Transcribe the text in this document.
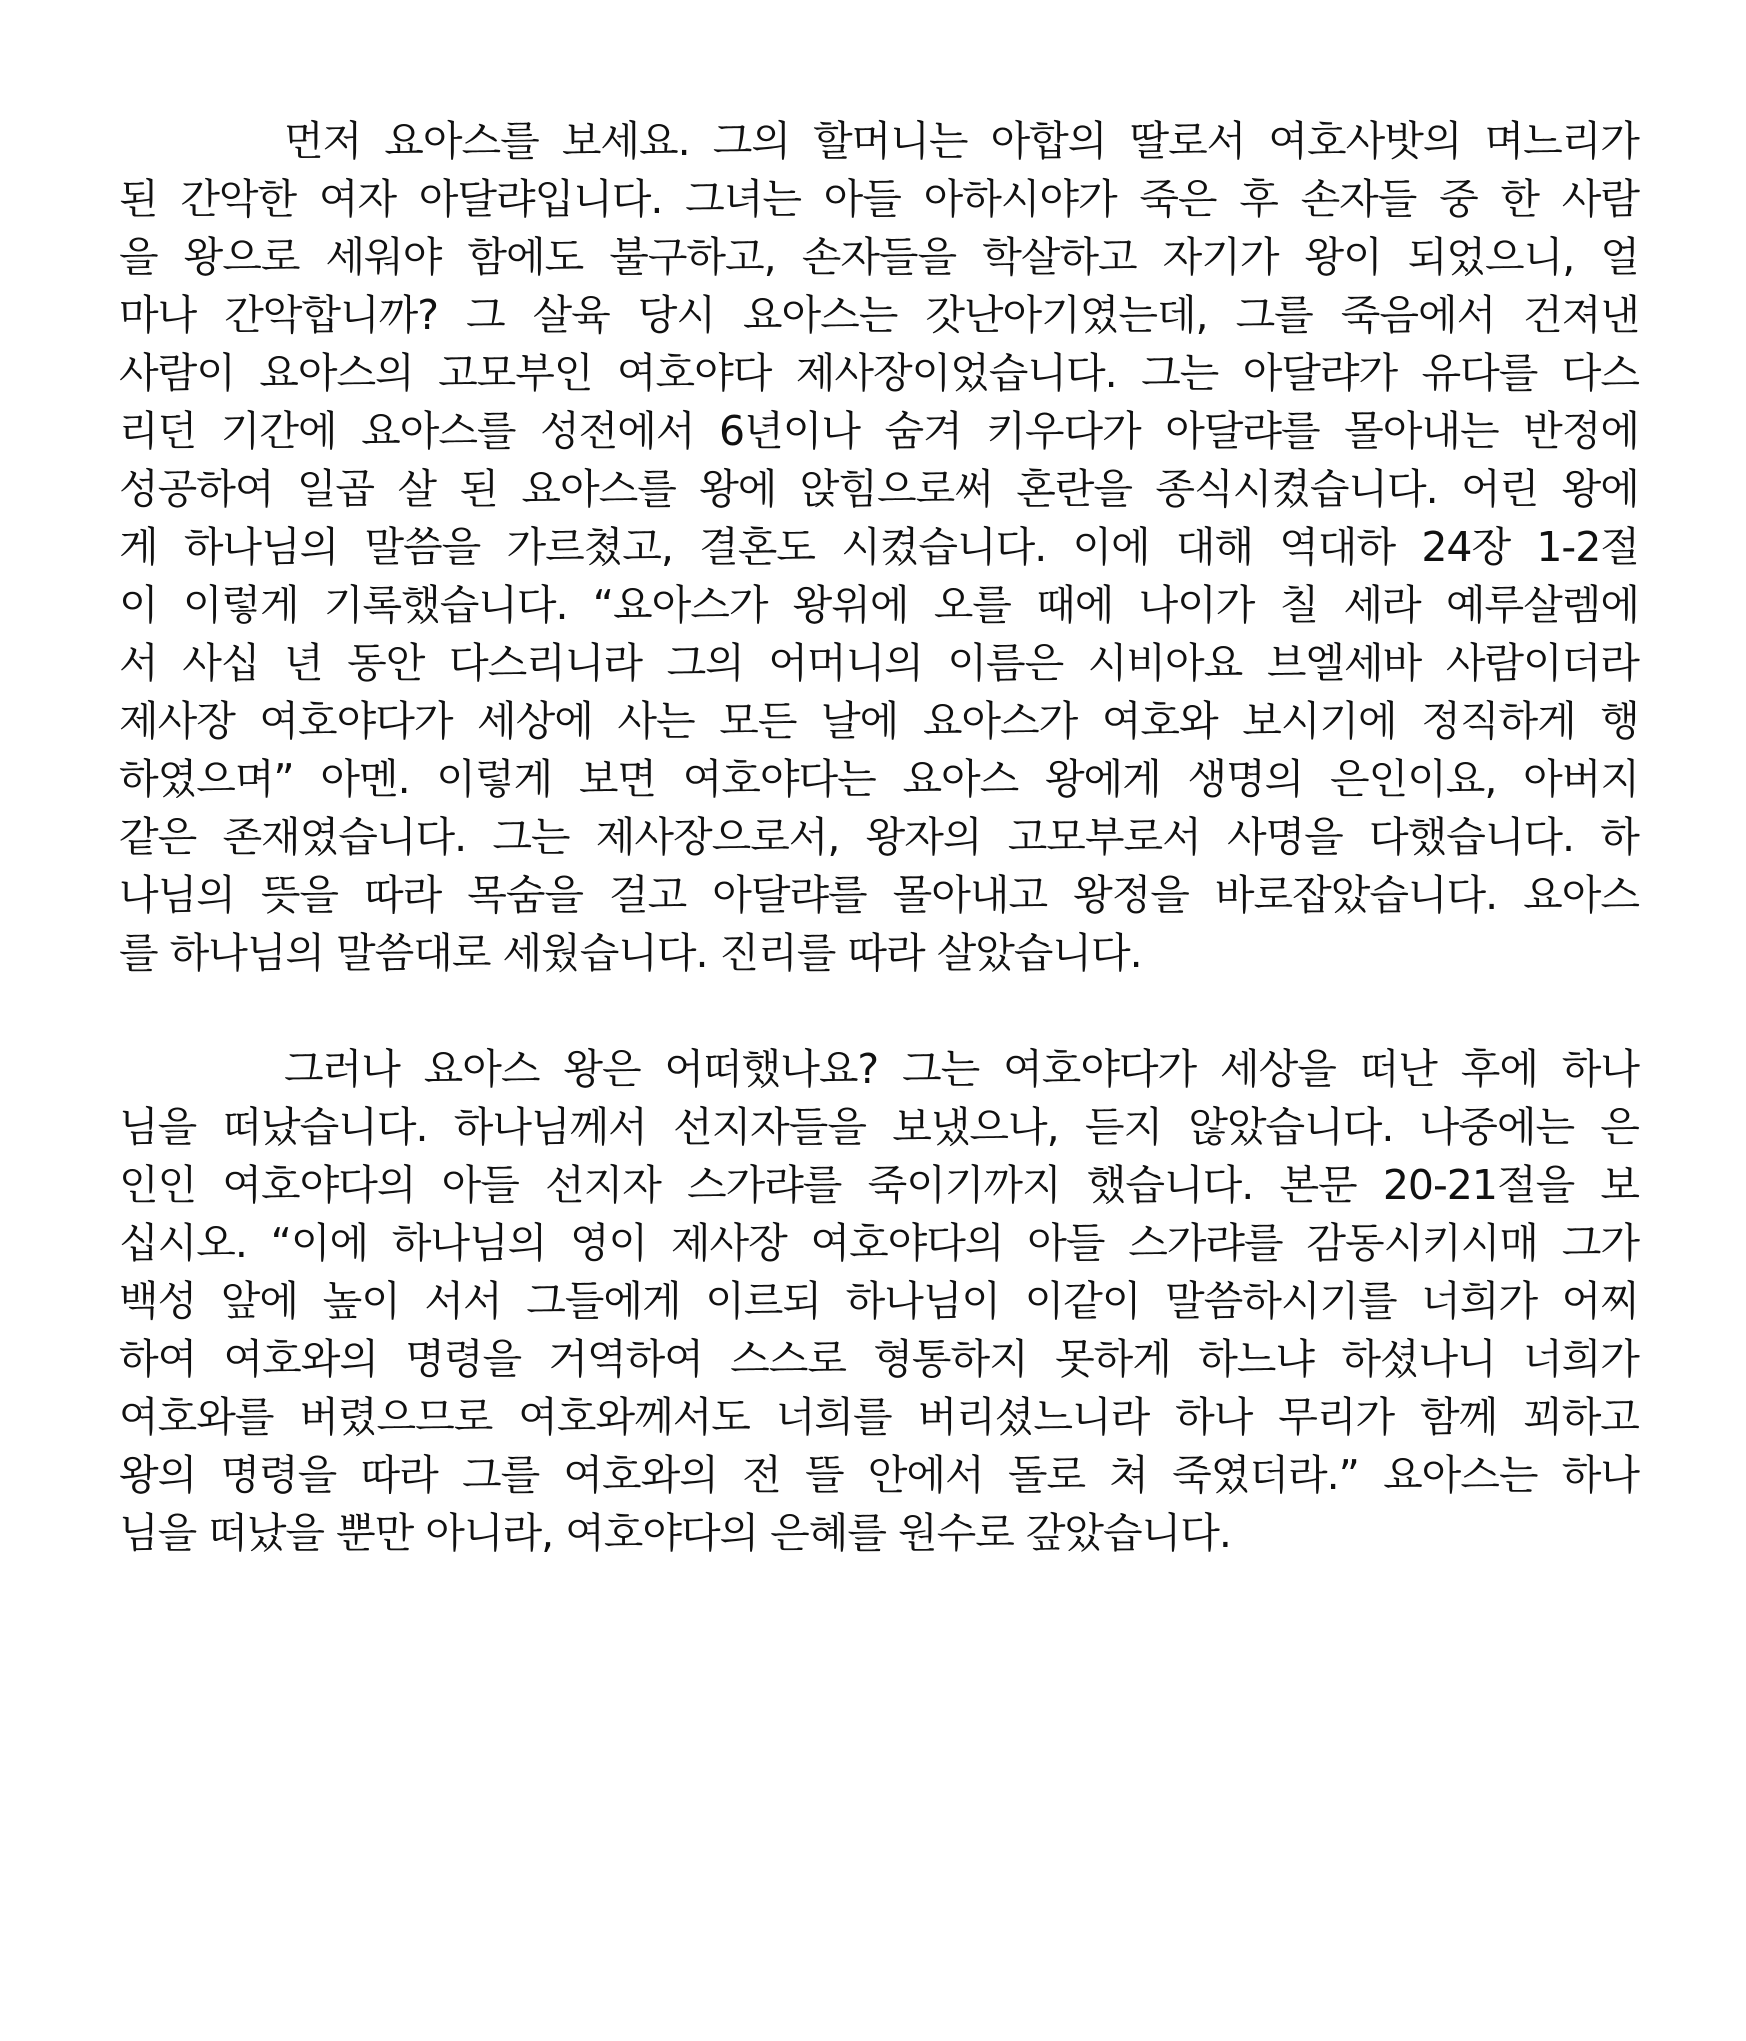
먼저 요아스를 보세요. 그의 할머니는 아합의 딸로서 여호사밧의 며느리가
된 간악한 여자 아달랴입니다. 그녀는 아들 아하시야가 죽은 후 손자들 중 한 사람
을 왕으로 세워야 함에도 불구하고, 손자들을 학살하고 자기가 왕이 되었으니, 얼
마나 간악합니까? 그 살육 당시 요아스는 갓난아기였는데, 그를 죽음에서 건져낸
사람이 요아스의 고모부인 여호야다 제사장이었습니다. 그는 아달랴가 유다를 다스
리던 기간에 요아스를 성전에서 6년이나 숨겨 키우다가 아달랴를 몰아내는 반정에
성공하여 일곱 살 된 요아스를 왕에 앉힘으로써 혼란을 종식시켰습니다. 어린 왕에
게 하나님의 말씀을 가르쳤고, 결혼도 시켰습니다. 이에 대해 역대하 24장 1-2절
이 이렇게 기록했습니다. “요아스가 왕위에 오를 때에 나이가 칠 세라 예루살렘에
서 사십 년 동안 다스리니라 그의 어머니의 이름은 시비아요 브엘세바 사람이더라
제사장 여호야다가 세상에 사는 모든 날에 요아스가 여호와 보시기에 정직하게 행
하였으며” 아멘. 이렇게 보면 여호야다는 요아스 왕에게 생명의 은인이요, 아버지
같은 존재였습니다. 그는 제사장으로서, 왕자의 고모부로서 사명을 다했습니다. 하
나님의 뜻을 따라 목숨을 걸고 아달랴를 몰아내고 왕정을 바로잡았습니다. 요아스
를 하나님의 말씀대로 세웠습니다. 진리를 따라 살았습니다.
그러나 요아스 왕은 어떠했나요? 그는 여호야다가 세상을 떠난 후에 하나
님을 떠났습니다. 하나님께서 선지자들을 보냈으나, 듣지 않았습니다. 나중에는 은
인인 여호야다의 아들 선지자 스가랴를 죽이기까지 했습니다. 본문 20-21절을 보
십시오. “이에 하나님의 영이 제사장 여호야다의 아들 스가랴를 감동시키시매 그가
백성 앞에 높이 서서 그들에게 이르되 하나님이 이같이 말씀하시기를 너희가 어찌
하여 여호와의 명령을 거역하여 스스로 형통하지 못하게 하느냐 하셨나니 너희가
여호와를 버렸으므로 여호와께서도 너희를 버리셨느니라 하나 무리가 함께 꾀하고
왕의 명령을 따라 그를 여호와의 전 뜰 안에서 돌로 쳐 죽였더라.” 요아스는 하나
님을 떠났을 뿐만 아니라, 여호야다의 은혜를 원수로 갚았습니다.
